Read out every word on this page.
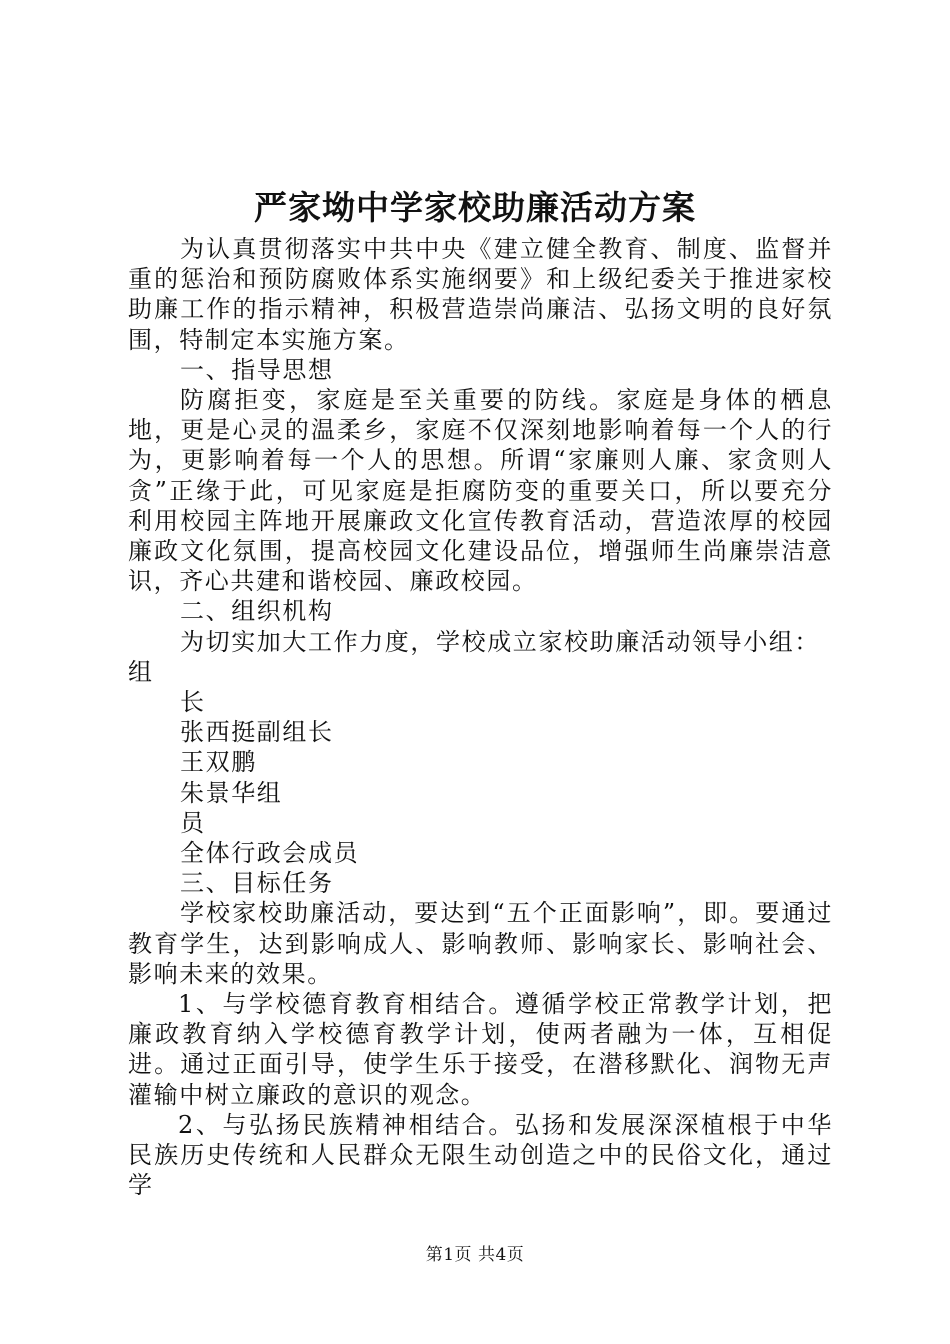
严家坳中学家校助廉活动方案

为认真贯彻落实中共中央《建立健全教育、制度、监督并重的惩治和预防腐败体系实施纲要》和上级纪委关于推进家校助廉工作的指示精神，积极营造崇尚廉洁、弘扬文明的良好氛围，特制定本实施方案。

一、指导思想

防腐拒变，家庭是至关重要的防线。家庭是身体的栖息地，更是心灵的温柔乡，家庭不仅深刻地影响着每一个人的行为，更影响着每一个人的思想。所谓“家廉则人廉、家贪则人贪”正缘于此，可见家庭是拒腐防变的重要关口，所以要充分利用校园主阵地开展廉政文化宣传教育活动，营造浓厚的校园廉政文化氛围，提高校园文化建设品位，增强师生尚廉崇洁意识，齐心共建和谐校园、廉政校园。

二、组织机构

为切实加大工作力度，学校成立家校助廉活动领导小组：

组

长

张西挺副组长

王双鹏

朱景华组

员

全体行政会成员

三、目标任务

学校家校助廉活动，要达到“五个正面影响”，即。要通过教育学生，达到影响成人、影响教师、影响家长、影响社会、影响未来的效果。

1、与学校德育教育相结合。遵循学校正常教学计划，把廉政教育纳入学校德育教学计划，使两者融为一体，互相促进。通过正面引导，使学生乐于接受，在潜移默化、润物无声灌输中树立廉政的意识的观念。

2、与弘扬民族精神相结合。弘扬和发展深深植根于中华民族历史传统和人民群众无限生动创造之中的民俗文化，通过学

第1页 共4页
